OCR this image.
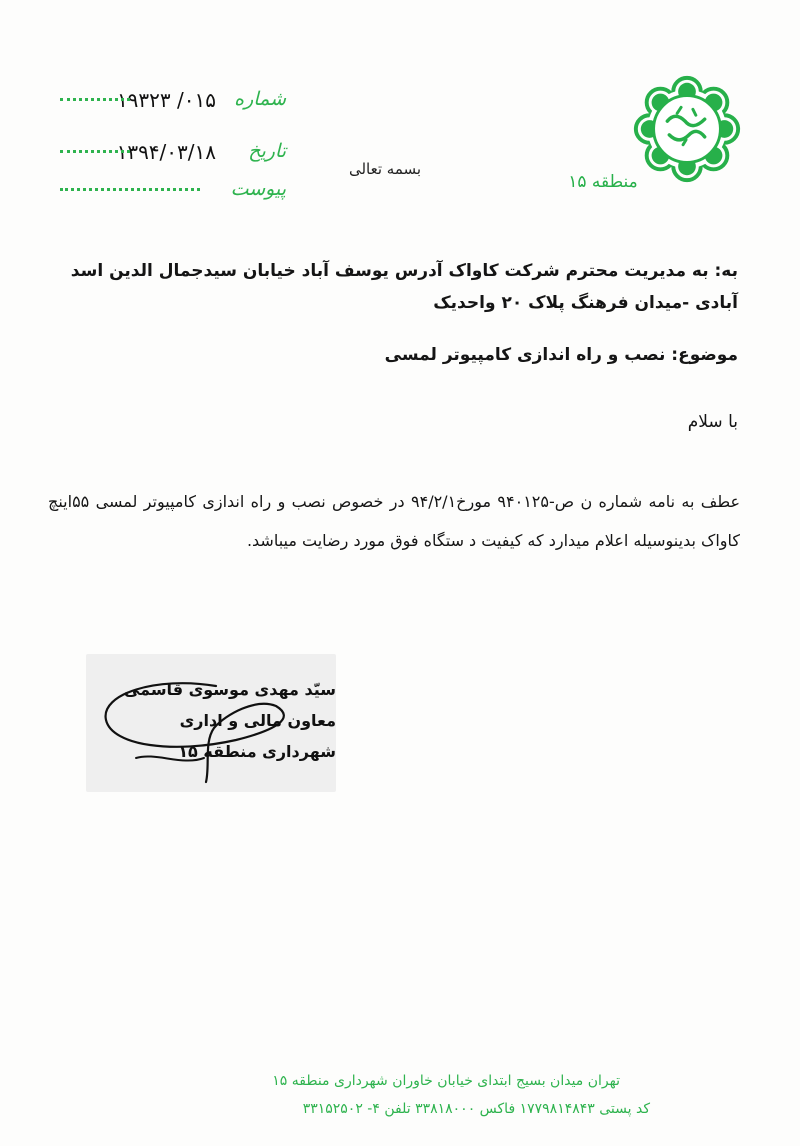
منطقه ۱۵
بسمه تعالی
شماره
۰۱۵/ ۱۹۳۲۳
تاریخ
۱۳۹۴/۰۳/۱۸
پیوست
به: به مدیریت محترم شرکت کاواک آدرس یوسف آباد خیابان سیدجمال الدین اسد آبادی -میدان فرهنگ پلاک ۲۰ واحدیک
موضوع: نصب و راه اندازی کامپیوتر لمسی
با سلام
عطف به نامه شماره ن ص-۹۴۰۱۲۵ مورخ۹۴/۲/۱ در خصوص نصب و راه اندازی کامپیوتر لمسی ۵۵اینچ کاواک بدینوسیله اعلام میدارد که کیفیت د ستگاه فوق مورد رضایت میباشد.
سیّد مهدی موسوی قاسمی
معاون مالی و اداری
شهرداری منطقه ۱۵
تهران میدان بسیج ابتدای خیابان خاوران شهرداری منطقه ۱۵
کد پستی ۱۷۷۹۸۱۴۸۴۳ فاکس ۳۳۸۱۸۰۰۰ تلفن ۴- ۳۳۱۵۲۵۰۲
